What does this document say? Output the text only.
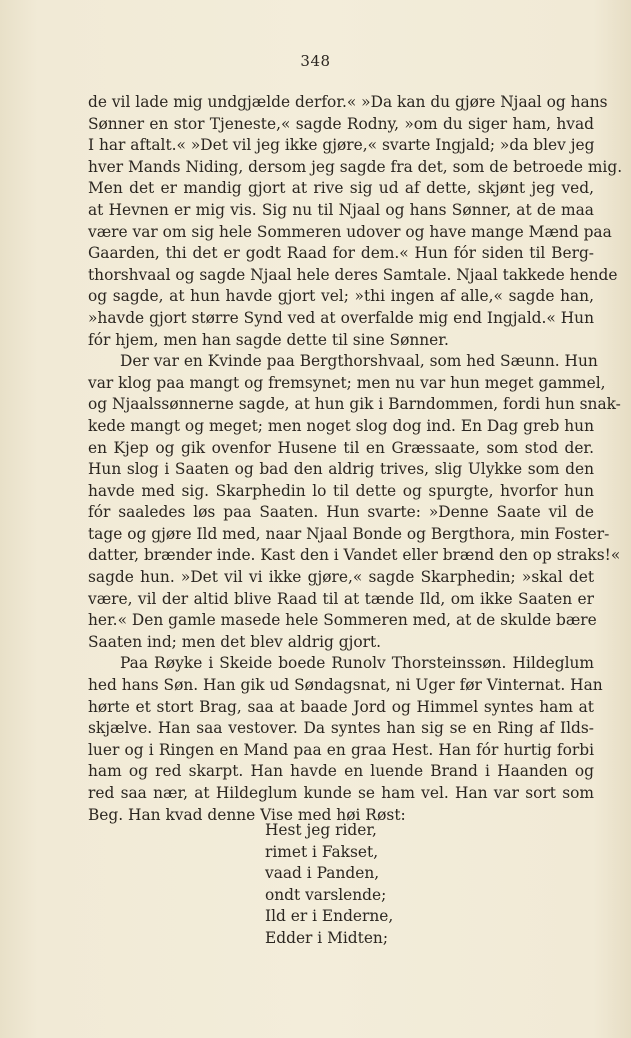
348
de vil lade mig undgjælde derfor.« »Da kan du gjøre Njaal og hans
Sønner en stor Tjeneste,« sagde Rodny, »om du siger ham, hvad
I har aftalt.« »Det vil jeg ikke gjøre,« svarte Ingjald; »da blev jeg
hver Mands Niding, dersom jeg sagde fra det, som de betroede mig.
Men det er mandig gjort at rive sig ud af dette, skjønt jeg ved,
at Hevnen er mig vis. Sig nu til Njaal og hans Sønner, at de maa
være var om sig hele Sommeren udover og have mange Mænd paa
Gaarden, thi det er godt Raad for dem.« Hun fór siden til Berg-
thorshvaal og sagde Njaal hele deres Samtale. Njaal takkede hende
og sagde, at hun havde gjort vel; »thi ingen af alle,« sagde han,
»havde gjort større Synd ved at overfalde mig end Ingjald.« Hun
fór hjem, men han sagde dette til sine Sønner.
Der var en Kvinde paa Bergthorshvaal, som hed Sæunn. Hun
var klog paa mangt og fremsynet; men nu var hun meget gammel,
og Njaalssønnerne sagde, at hun gik i Barndommen, fordi hun snak-
kede mangt og meget; men noget slog dog ind. En Dag greb hun
en Kjep og gik ovenfor Husene til en Græssaate, som stod der.
Hun slog i Saaten og bad den aldrig trives, slig Ulykke som den
havde med sig. Skarphedin lo til dette og spurgte, hvorfor hun
fór saaledes løs paa Saaten. Hun svarte: »Denne Saate vil de
tage og gjøre Ild med, naar Njaal Bonde og Bergthora, min Foster-
datter, brænder inde. Kast den i Vandet eller brænd den op straks!«
sagde hun. »Det vil vi ikke gjøre,« sagde Skarphedin; »skal det
være, vil der altid blive Raad til at tænde Ild, om ikke Saaten er
her.« Den gamle masede hele Sommeren med, at de skulde bære
Saaten ind; men det blev aldrig gjort.
Paa Røyke i Skeide boede Runolv Thorsteinssøn. Hildeglum
hed hans Søn. Han gik ud Søndagsnat, ni Uger før Vinternat. Han
hørte et stort Brag, saa at baade Jord og Himmel syntes ham at
skjælve. Han saa vestover. Da syntes han sig se en Ring af Ilds-
luer og i Ringen en Mand paa en graa Hest. Han fór hurtig forbi
ham og red skarpt. Han havde en luende Brand i Haanden og
red saa nær, at Hildeglum kunde se ham vel. Han var sort som
Beg. Han kvad denne Vise med høi Røst:
Hest jeg rider,
rimet i Fakset,
vaad i Panden,
ondt varslende;
Ild er i Enderne,
Edder i Midten;
